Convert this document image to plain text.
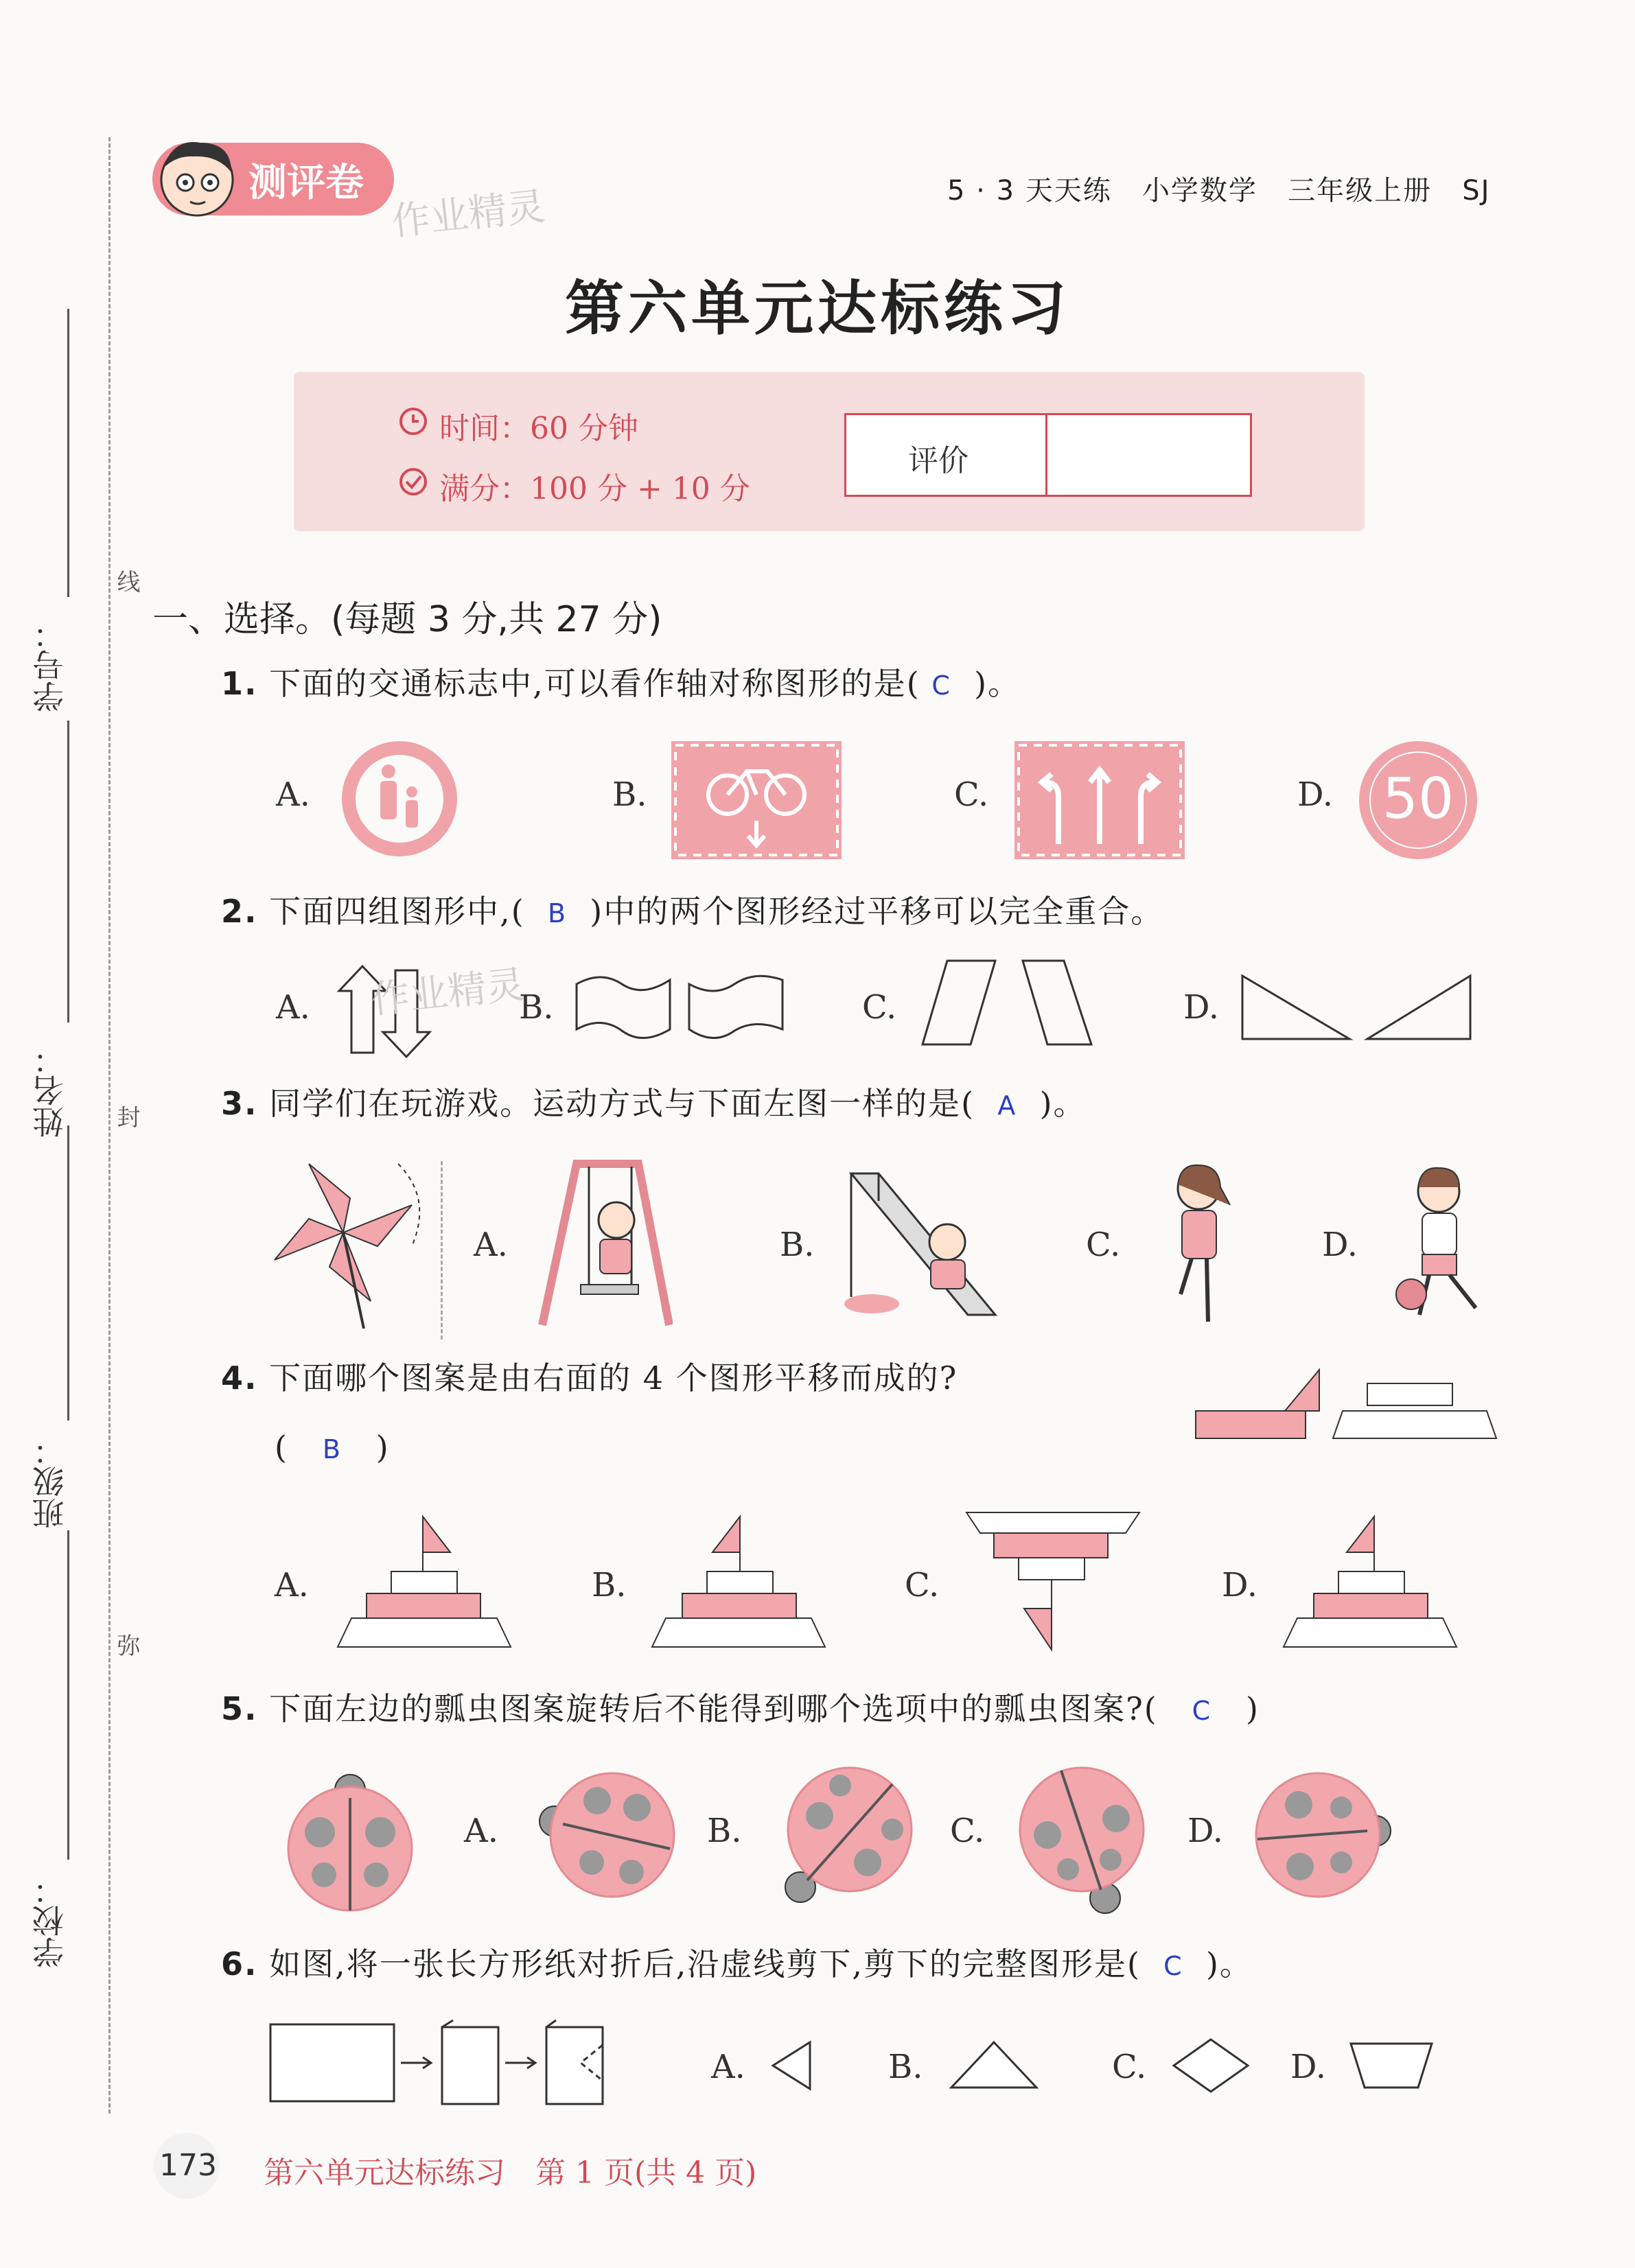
学号：
姓名：
班级：
学校：
线
封
弥
测评卷
作业精灵	5 · 3 天天练 小学数学 三年级上册 SJ
第六单元达标练习
时间：60 分钟
满分：100 分 + 10 分
评价
一、选择。(每题 3 分,共 27 分)
1. 下面的交通标志中,可以看作轴对称图形的是( C )。
A.	B.	C.	D. 50
2. 下面四组图形中,( B )中的两个图形经过平移可以完全重合。
A. 作业精灵
B.	C.	D.
3. 同学们在玩游戏。运动方式与下面左图一样的是( A )。
A.	B.	C.	D.
4. 下面哪个图案是由右面的 4 个图形平移而成的?
( B )
A.	B.	C.	D.
5. 下面左边的瓢虫图案旋转后不能得到哪个选项中的瓢虫图案?( C )
A.	B.	C.	D.
6. 如图,将一张长方形纸对折后,沿虚线剪下,剪下的完整图形是( C )。
A.	B.	C.	D.
173 第六单元达标练习　第 1 页(共 4 页)
